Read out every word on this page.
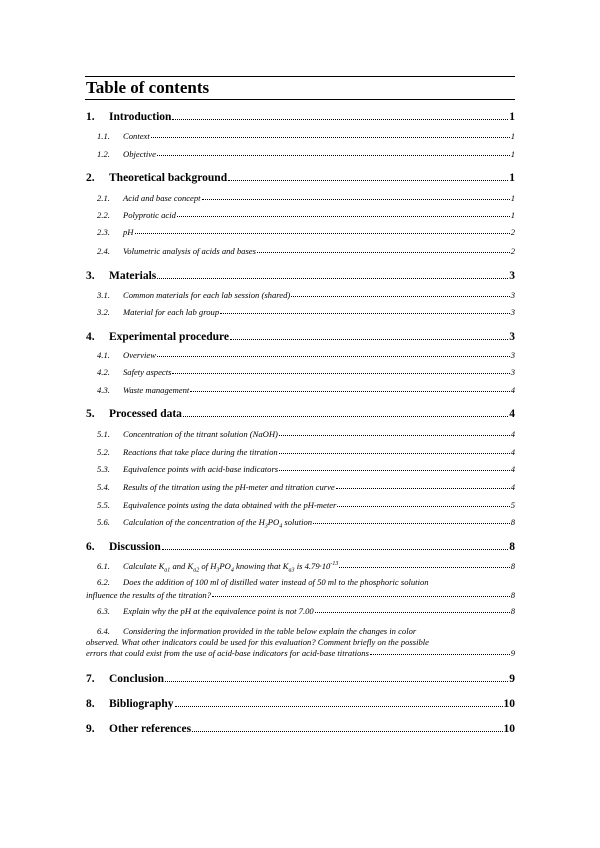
Table of contents
1.	Introduction	1
1.1. Context	1
1.2. Objective	1
2.	Theoretical background	1
2.1. Acid and base concept	1
2.2. Polyprotic acid	1
2.3. pH	2
2.4. Volumetric analysis of acids and bases	2
3.	Materials	3
3.1. Common materials for each lab session (shared)	3
3.2. Material for each lab group	3
4.	Experimental procedure	3
4.1. Overview	3
4.2. Safety aspects	3
4.3. Waste management	4
5.	Processed data	4
5.1. Concentration of the titrant solution (NaOH)	4
5.2. Reactions that take place during the titration	4
5.3. Equivalence points with acid-base indicators	4
5.4. Results of the titration using the pH-meter and titration curve	4
5.5. Equivalence points using the data obtained with the pH-meter	5
5.6. Calculation of the concentration of the $H_3PO_4$ solution	8
6.	Discussion	8
6.1. Calculate $K_{a1}$ and $K_{a2}$ of $H_3PO_4$ knowing that $K_{a3}$ is $4.79\cdot 10^{-13}$	8
6.2. Does the addition of 100 ml of distilled water instead of 50 ml to the phosphoric solution
influence the results of the titration?	8
6.3. Explain why the pH at the equivalence point is not 7.00	8
6.4. Considering the information provided in the table below explain the changes in color
observed. What other indicators could be used for this evaluation? Comment briefly on the possible
errors that could exist from the use of acid-base indicators for acid-base titrations	9
7.	Conclusion	9
8.	Bibliography	10
9.	Other references	10
